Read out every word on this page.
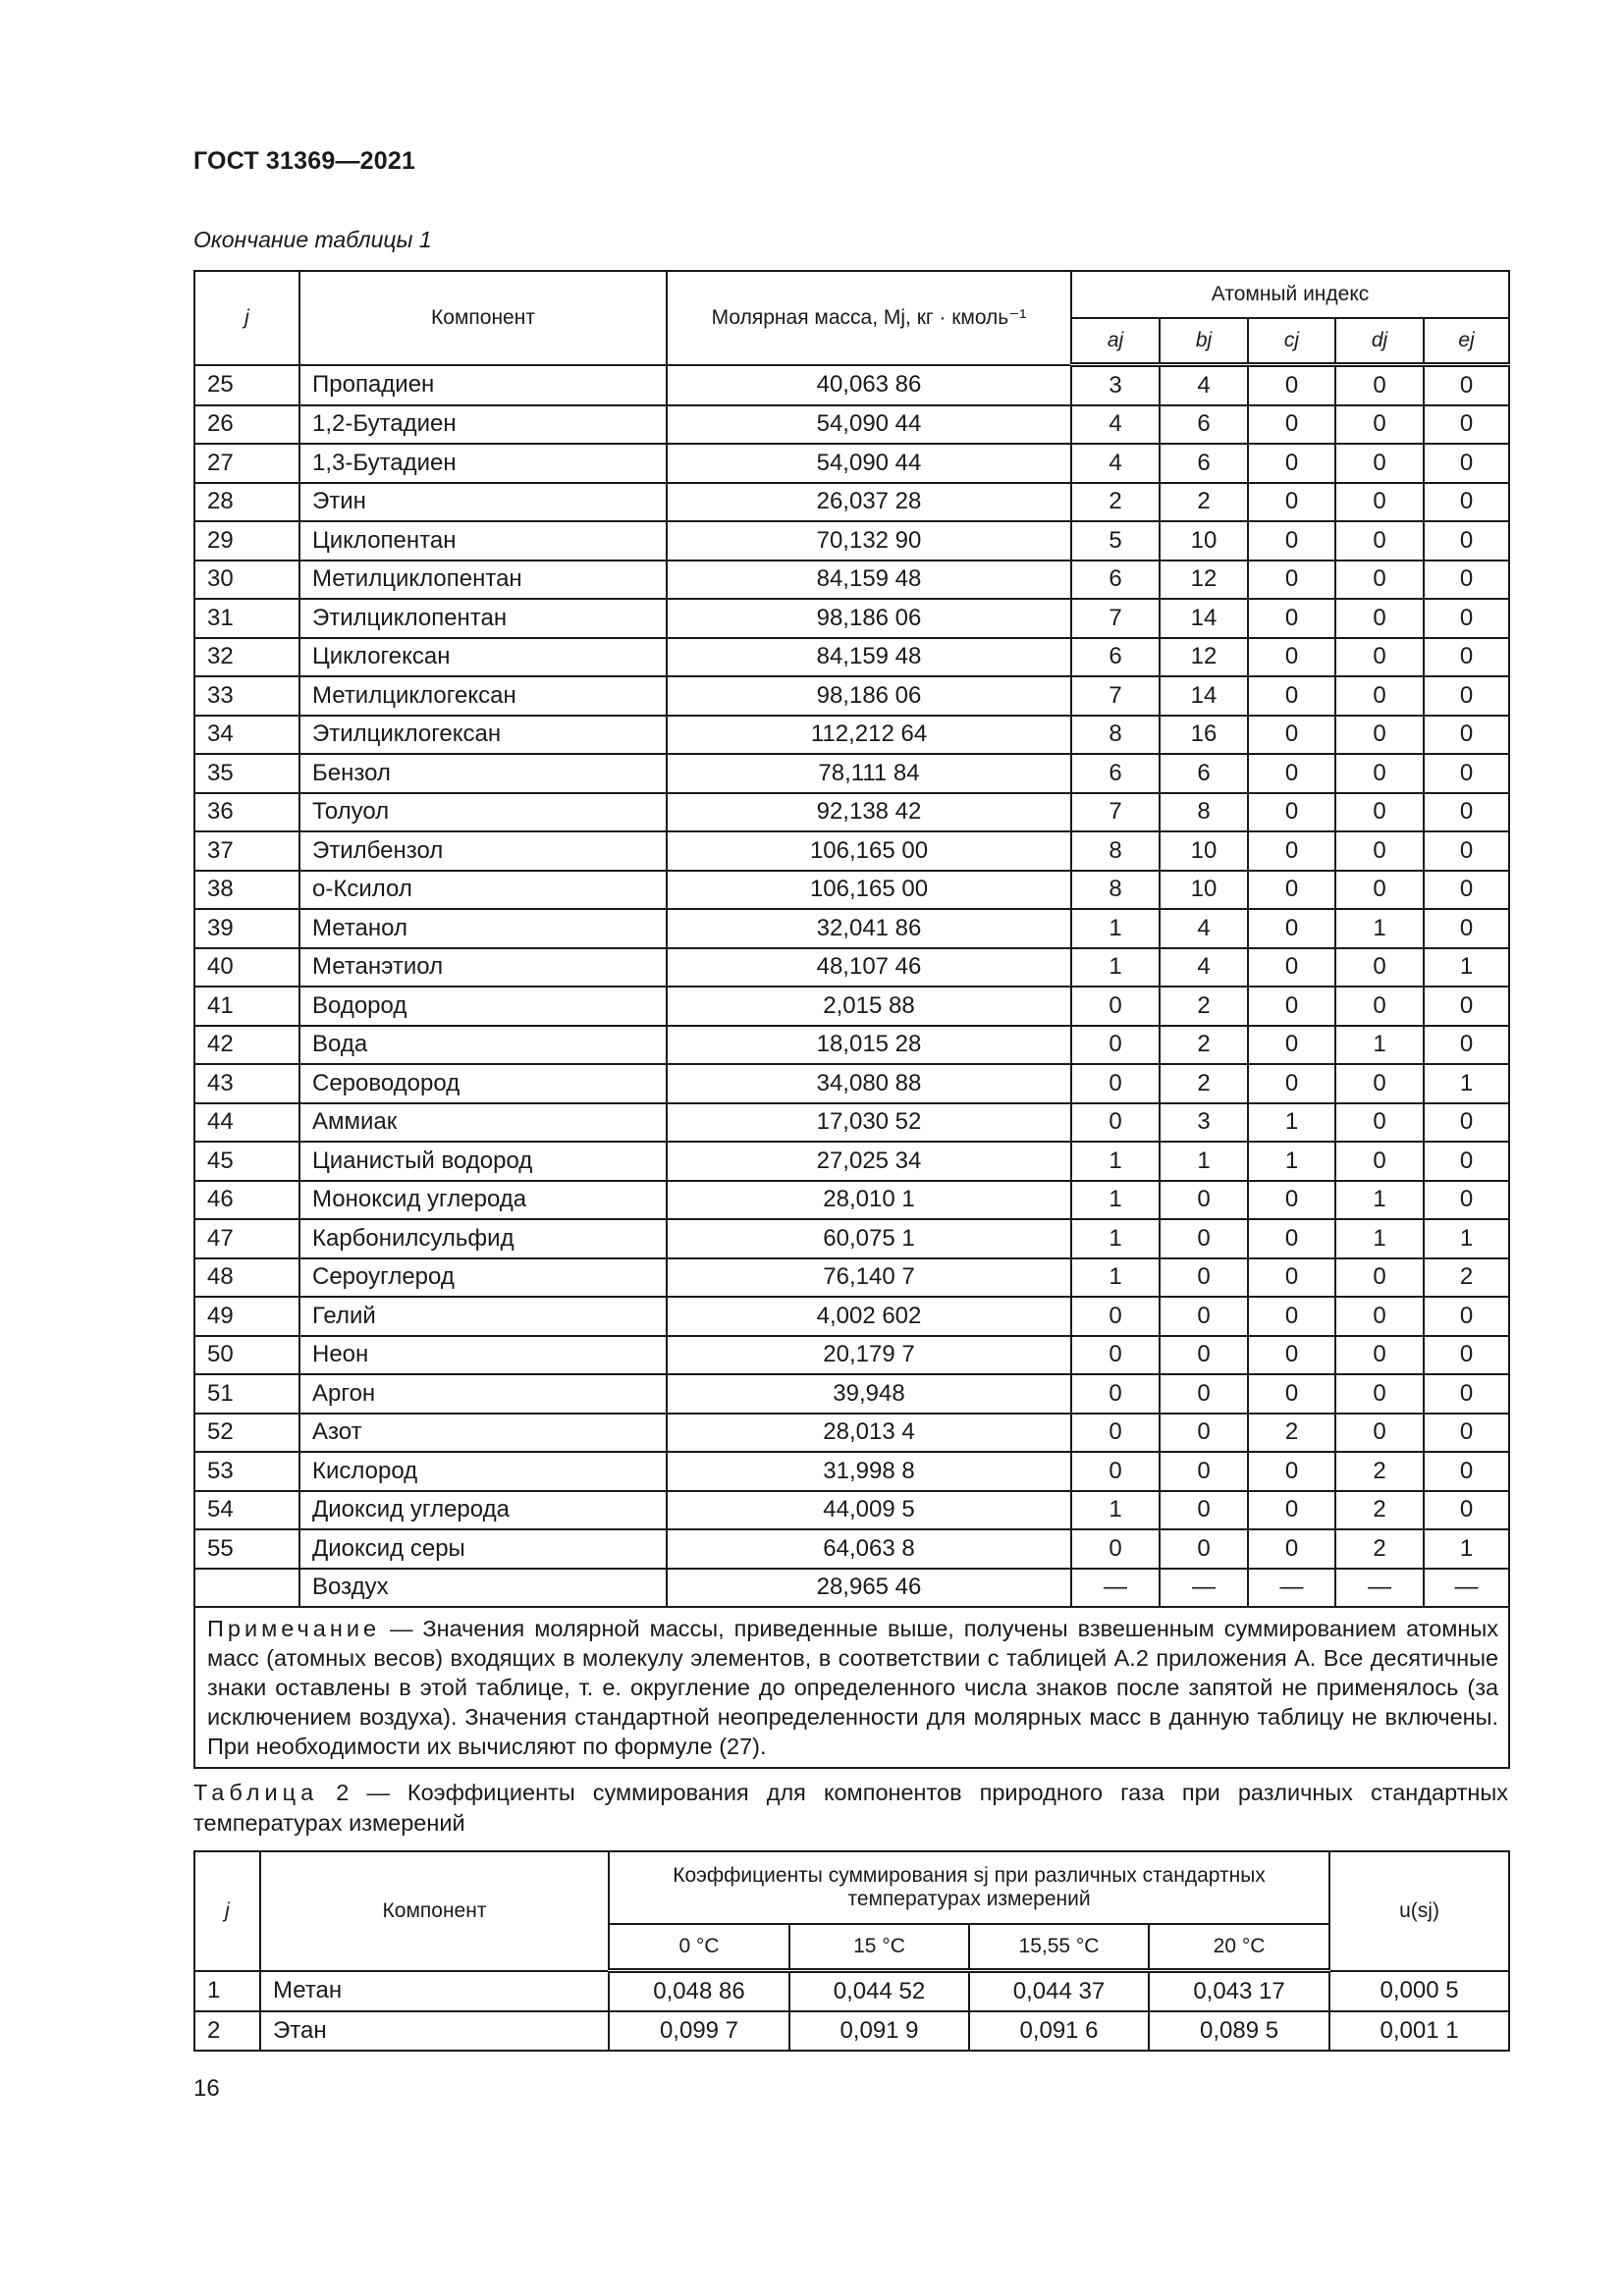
ГОСТ 31369—2021
Окончание таблицы 1
j	Компонент	Молярная масса, Mj, кг · кмоль⁻¹	Атомный индекс				
			aj	bj	cj	dj	ej
25	Пропадиен	40,063 86	3	4	0	0	0
26	1,2-Бутадиен	54,090 44	4	6	0	0	0
27	1,3-Бутадиен	54,090 44	4	6	0	0	0
28	Этин	26,037 28	2	2	0	0	0
29	Циклопентан	70,132 90	5	10	0	0	0
30	Метилциклопентан	84,159 48	6	12	0	0	0
31	Этилциклопентан	98,186 06	7	14	0	0	0
32	Циклогексан	84,159 48	6	12	0	0	0
33	Метилциклогексан	98,186 06	7	14	0	0	0
34	Этилциклогексан	112,212 64	8	16	0	0	0
35	Бензол	78,111 84	6	6	0	0	0
36	Толуол	92,138 42	7	8	0	0	0
37	Этилбензол	106,165 00	8	10	0	0	0
38	о-Ксилол	106,165 00	8	10	0	0	0
39	Метанол	32,041 86	1	4	0	1	0
40	Метанэтиол	48,107 46	1	4	0	0	1
41	Водород	2,015 88	0	2	0	0	0
42	Вода	18,015 28	0	2	0	1	0
43	Сероводород	34,080 88	0	2	0	0	1
44	Аммиак	17,030 52	0	3	1	0	0
45	Цианистый водород	27,025 34	1	1	1	0	0
46	Моноксид углерода	28,010 1	1	0	0	1	0
47	Карбонилсульфид	60,075 1	1	0	0	1	1
48	Сероуглерод	76,140 7	1	0	0	0	2
49	Гелий	4,002 602	0	0	0	0	0
50	Неон	20,179 7	0	0	0	0	0
51	Аргон	39,948	0	0	0	0	0
52	Азот	28,013 4	0	0	2	0	0
53	Кислород	31,998 8	0	0	0	2	0
54	Диоксид углерода	44,009 5	1	0	0	2	0
55	Диоксид серы	64,063 8	0	0	0	2	1
	Воздух	28,965 46	—	—	—	—	—
Примечание — Значения молярной массы, приведенные выше, получены взвешенным суммированием атомных масс (атомных весов) входящих в молекулу элементов, в соответствии с таблицей А.2 приложения А. Все десятичные знаки оставлены в этой таблице, т. е. округление до определенного числа знаков после запятой не применялось (за исключением воздуха). Значения стандартной неопределенности для молярных масс в данную таблицу не включены. При необходимости их вычисляют по формуле (27).							
Таблица 2 — Коэффициенты суммирования для компонентов природного газа при различных стандартных температурах измерений
j	Компонент	Коэффициенты суммирования sj при различных стандартных температурах измерений				u(sj)
		0 °C	15 °C	15,55 °C	20 °C	
1	Метан	0,048 86	0,044 52	0,044 37	0,043 17	0,000 5
2	Этан	0,099 7	0,091 9	0,091 6	0,089 5	0,001 1
16
